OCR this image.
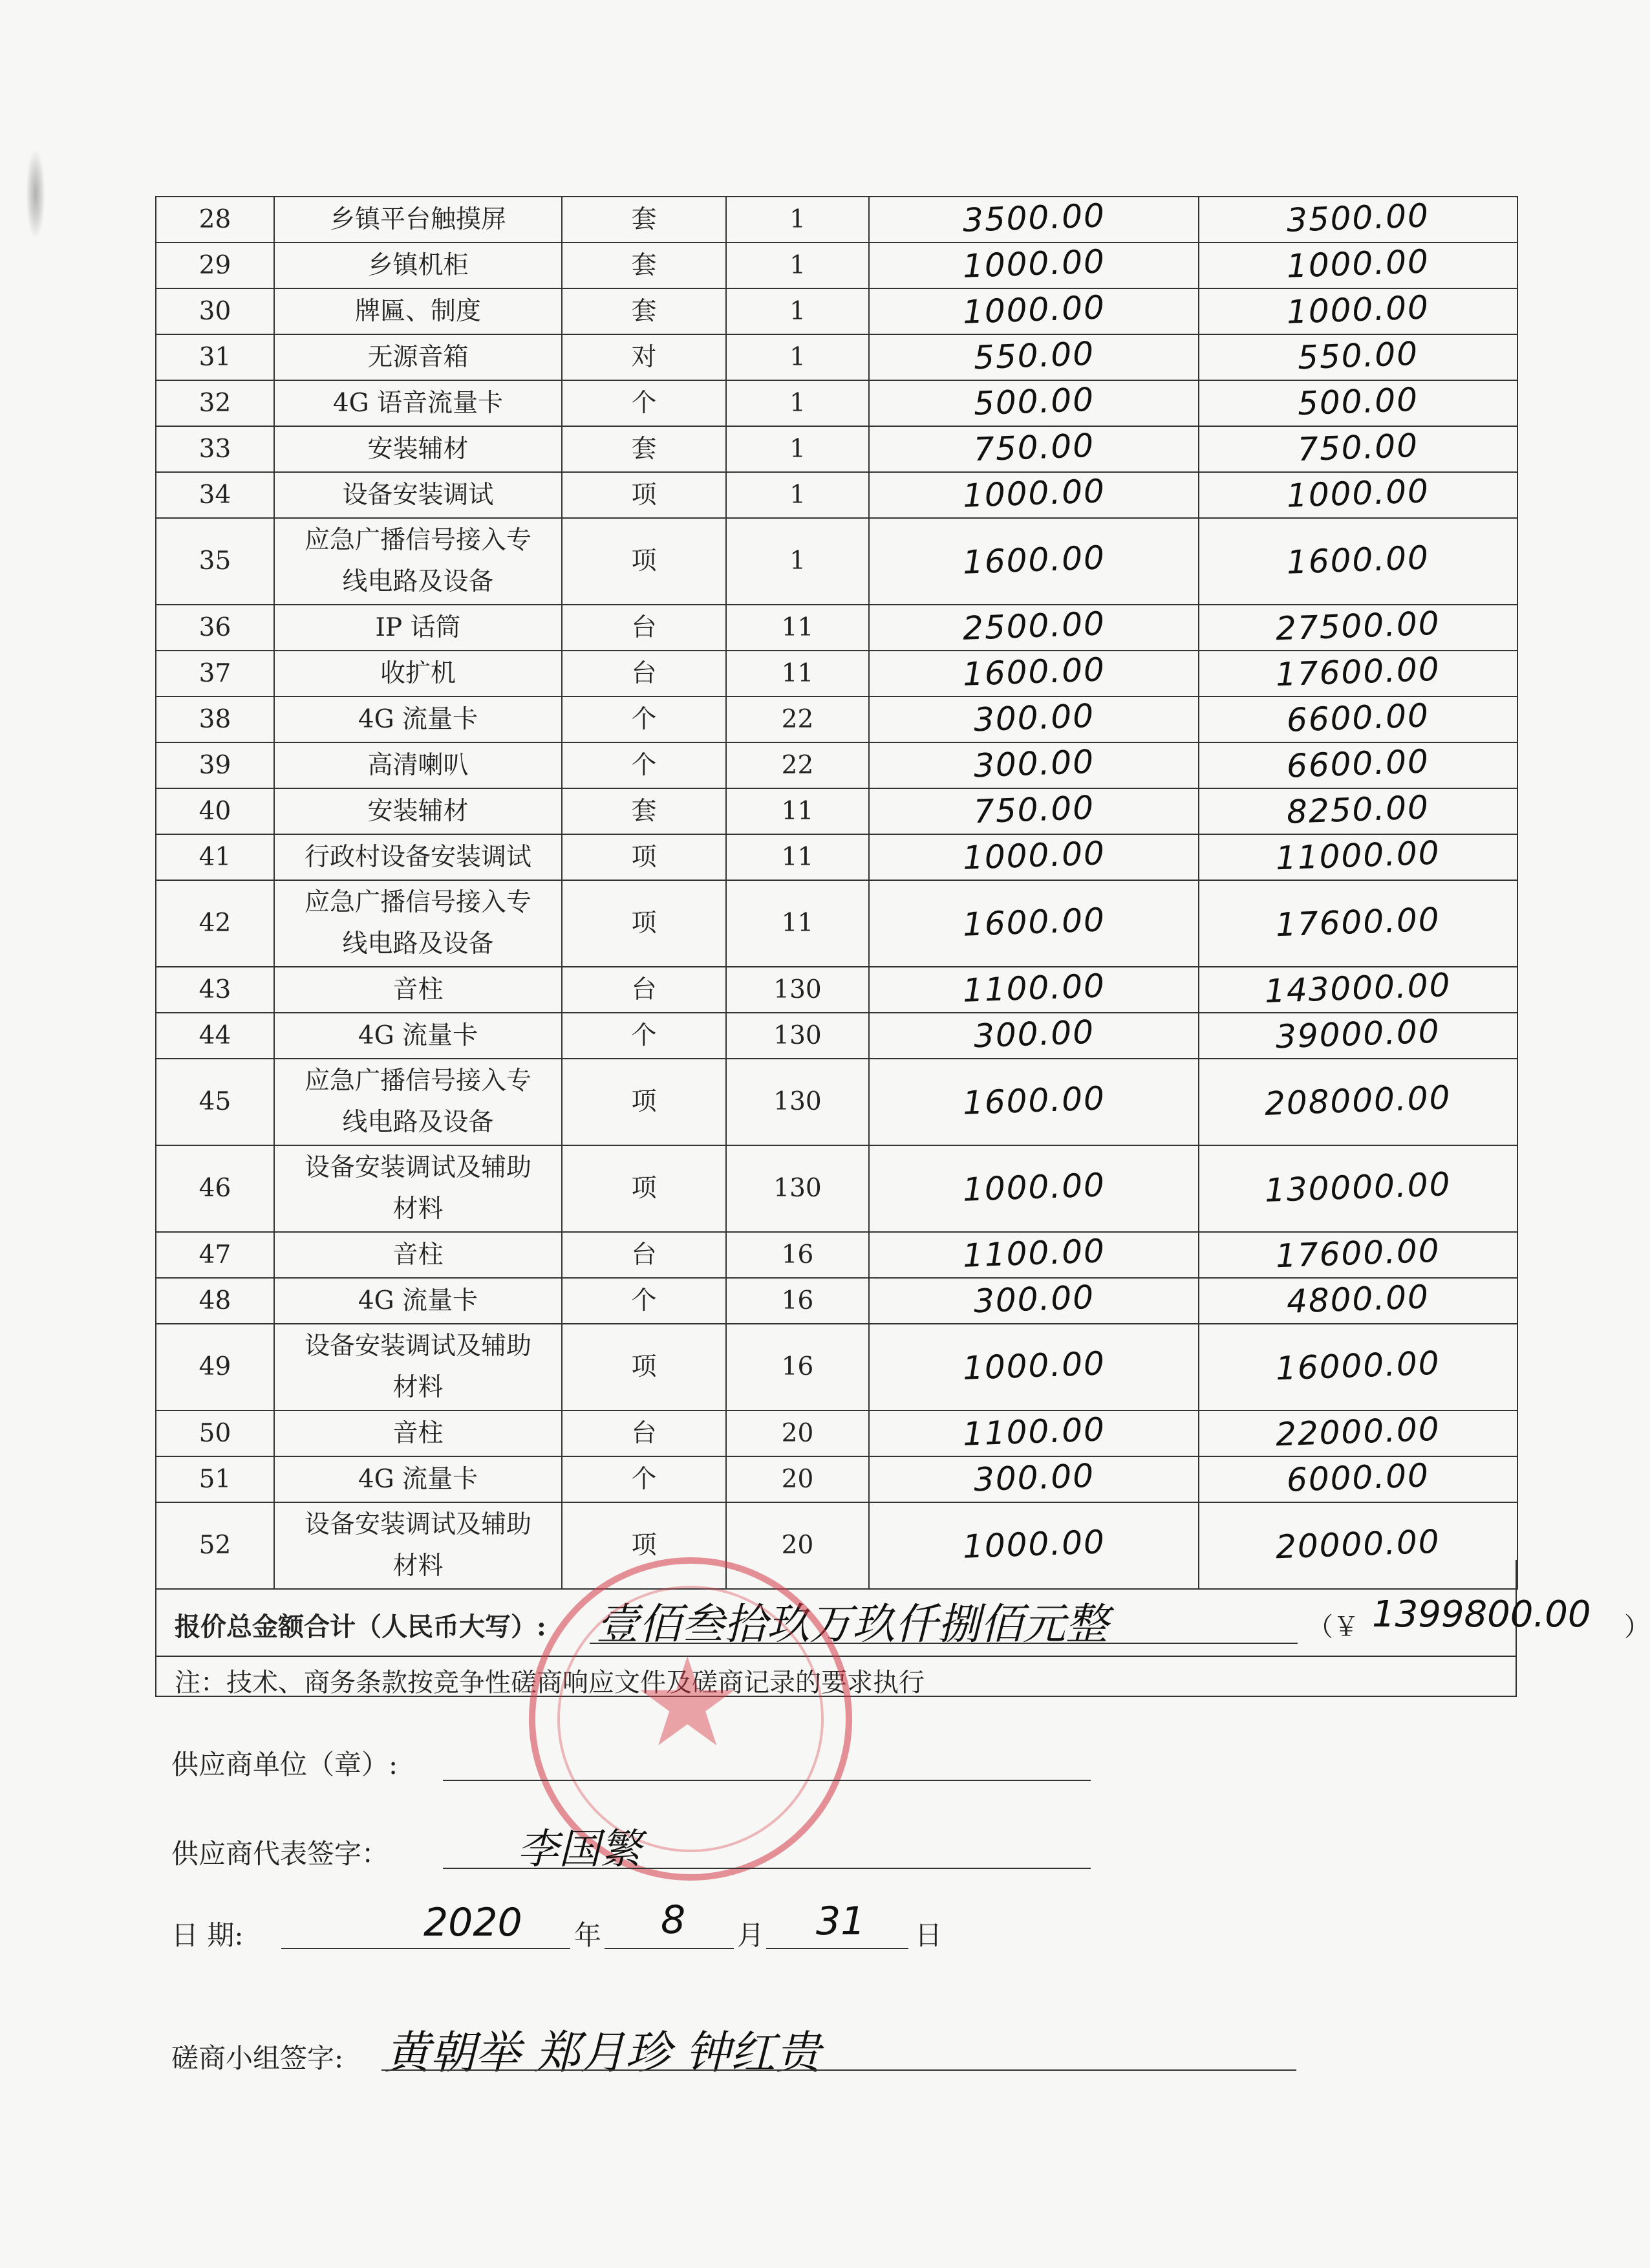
28	乡镇平台触摸屏	套	1	3500.00	3500.00
29	乡镇机柜	套	1	1000.00	1000.00
30	牌匾、制度	套	1	1000.00	1000.00
31	无源音箱	对	1	550.00	550.00
32	4G 语音流量卡	个	1	500.00	500.00
33	安装辅材	套	1	750.00	750.00
34	设备安装调试	项	1	1000.00	1000.00
35	应急广播信号接入专
线电路及设备	项	1	1600.00	1600.00
36	IP 话筒	台	11	2500.00	27500.00
37	收扩机	台	11	1600.00	17600.00
38	4G 流量卡	个	22	300.00	6600.00
39	高清喇叭	个	22	300.00	6600.00
40	安装辅材	套	11	750.00	8250.00
41	行政村设备安装调试	项	11	1000.00	11000.00
42	应急广播信号接入专
线电路及设备	项	11	1600.00	17600.00
43	音柱	台	130	1100.00	143000.00
44	4G 流量卡	个	130	300.00	39000.00
45	应急广播信号接入专
线电路及设备	项	130	1600.00	208000.00
46	设备安装调试及辅助
材料	项	130	1000.00	130000.00
47	音柱	台	16	1100.00	17600.00
48	4G 流量卡	个	16	300.00	4800.00
49	设备安装调试及辅助
材料	项	16	1000.00	16000.00
50	音柱	台	20	1100.00	22000.00
51	4G 流量卡	个	20	300.00	6000.00
52	设备安装调试及辅助
材料	项	20	1000.00	20000.00
报价总金额合计（人民币大写）: 壹佰叁拾玖万玖仟捌佰元整	（￥ 1399800.00 ）
注：技术、商务条款按竞争性磋商响应文件及磋商记录的要求执行
★
供应商单位（章）:
供应商代表签字：	李国繁
日 期:	2020 年 8 月 31 日
磋商小组签字: 黄朝举 郑月珍 钟红贵
